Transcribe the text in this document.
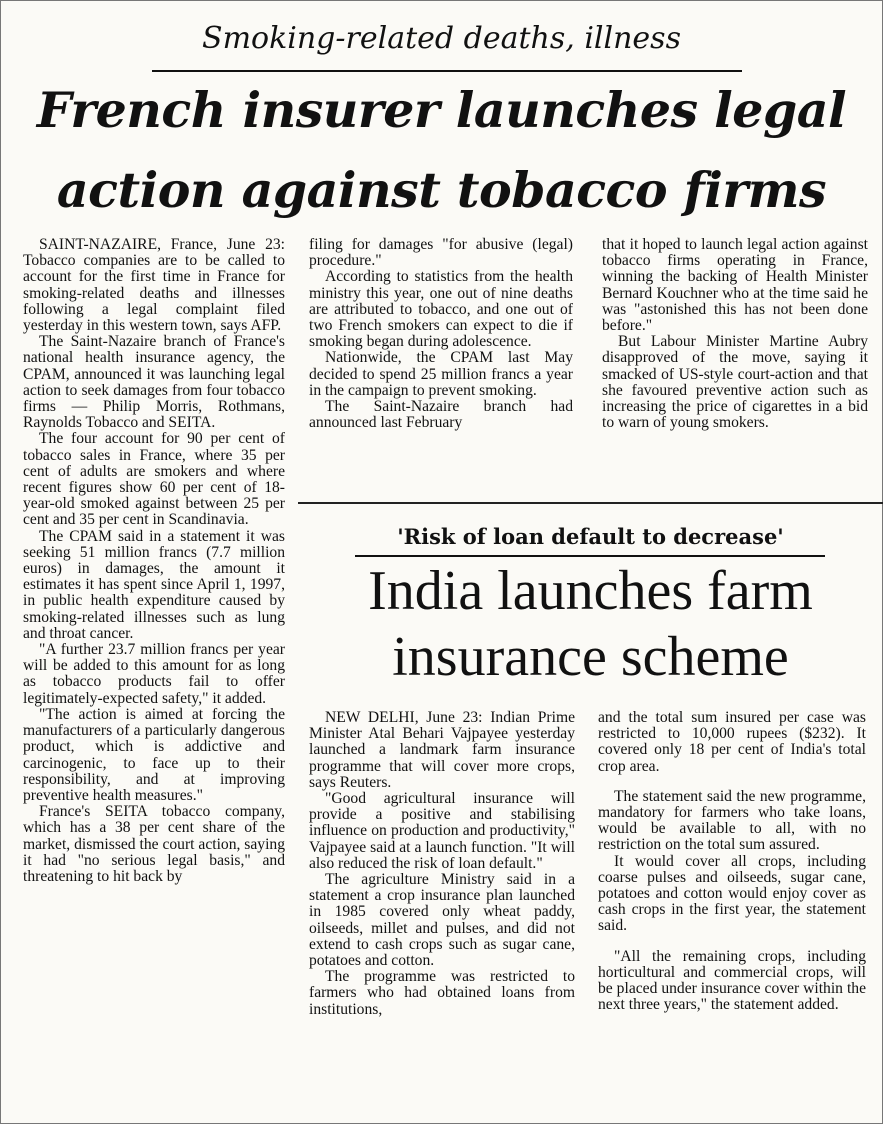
Smoking-related deaths, illness
French insurer launches legal
action against tobacco firms

SAINT-NAZAIRE, France, June 23: Tobacco companies are to be called to account for the first time in France for smoking-related deaths and illnesses following a legal complaint filed yesterday in this western town, says AFP.

The Saint-Nazaire branch of France's national health insurance agency, the CPAM, announced it was launching legal action to seek damages from four tobacco firms — Philip Morris, Rothmans, Raynolds Tobacco and SEITA.

The four account for 90 per cent of tobacco sales in France, where 35 per cent of adults are smokers and where recent figures show 60 per cent of 18-year-old smoked against between 25 per cent and 35 per cent in Scandinavia.

The CPAM said in a statement it was seeking 51 million francs (7.7 million euros) in damages, the amount it estimates it has spent since April 1, 1997, in public health expenditure caused by smoking-related illnesses such as lung and throat cancer.

"A further 23.7 million francs per year will be added to this amount for as long as tobacco products fail to offer legitimately-expected safety," it added.

"The action is aimed at forcing the manufacturers of a particularly dangerous product, which is addictive and carcinogenic, to face up to their responsibility, and at improving preventive health measures."

France's SEITA tobacco company, which has a 38 per cent share of the market, dismissed the court action, saying it had "no serious legal basis," and threatening to hit back by

filing for damages "for abusive (legal) procedure."

According to statistics from the health ministry this year, one out of nine deaths are attributed to tobacco, and one out of two French smokers can expect to die if smoking began during adolescence.

Nationwide, the CPAM last May decided to spend 25 million francs a year in the campaign to prevent smoking.

The Saint-Nazaire branch had announced last February

that it hoped to launch legal action against tobacco firms operating in France, winning the backing of Health Minister Bernard Kouchner who at the time said he was "astonished this has not been done before."

But Labour Minister Martine Aubry disapproved of the move, saying it smacked of US-style court-action and that she favoured preventive action such as increasing the price of cigarettes in a bid to warn of young smokers.

'Risk of loan default to decrease'
India launches farm
insurance scheme

NEW DELHI, June 23: Indian Prime Minister Atal Behari Vajpayee yesterday launched a landmark farm insurance programme that will cover more crops, says Reuters.

"Good agricultural insurance will provide a positive and stabilising influence on production and productivity," Vajpayee said at a launch function. "It will also reduced the risk of loan default."

The agriculture Ministry said in a statement a crop insurance plan launched in 1985 covered only wheat paddy, oilseeds, millet and pulses, and did not extend to cash crops such as sugar cane, potatoes and cotton.

The programme was restricted to farmers who had obtained loans from institutions,

and the total sum insured per case was restricted to 10,000 rupees ($232). It covered only 18 per cent of India's total crop area.

The statement said the new programme, mandatory for farmers who take loans, would be available to all, with no restriction on the total sum assured.

It would cover all crops, including coarse pulses and oilseeds, sugar cane, potatoes and cotton would enjoy cover as cash crops in the first year, the statement said.

"All the remaining crops, including horticultural and commercial crops, will be placed under insurance cover within the next three years," the statement added.
